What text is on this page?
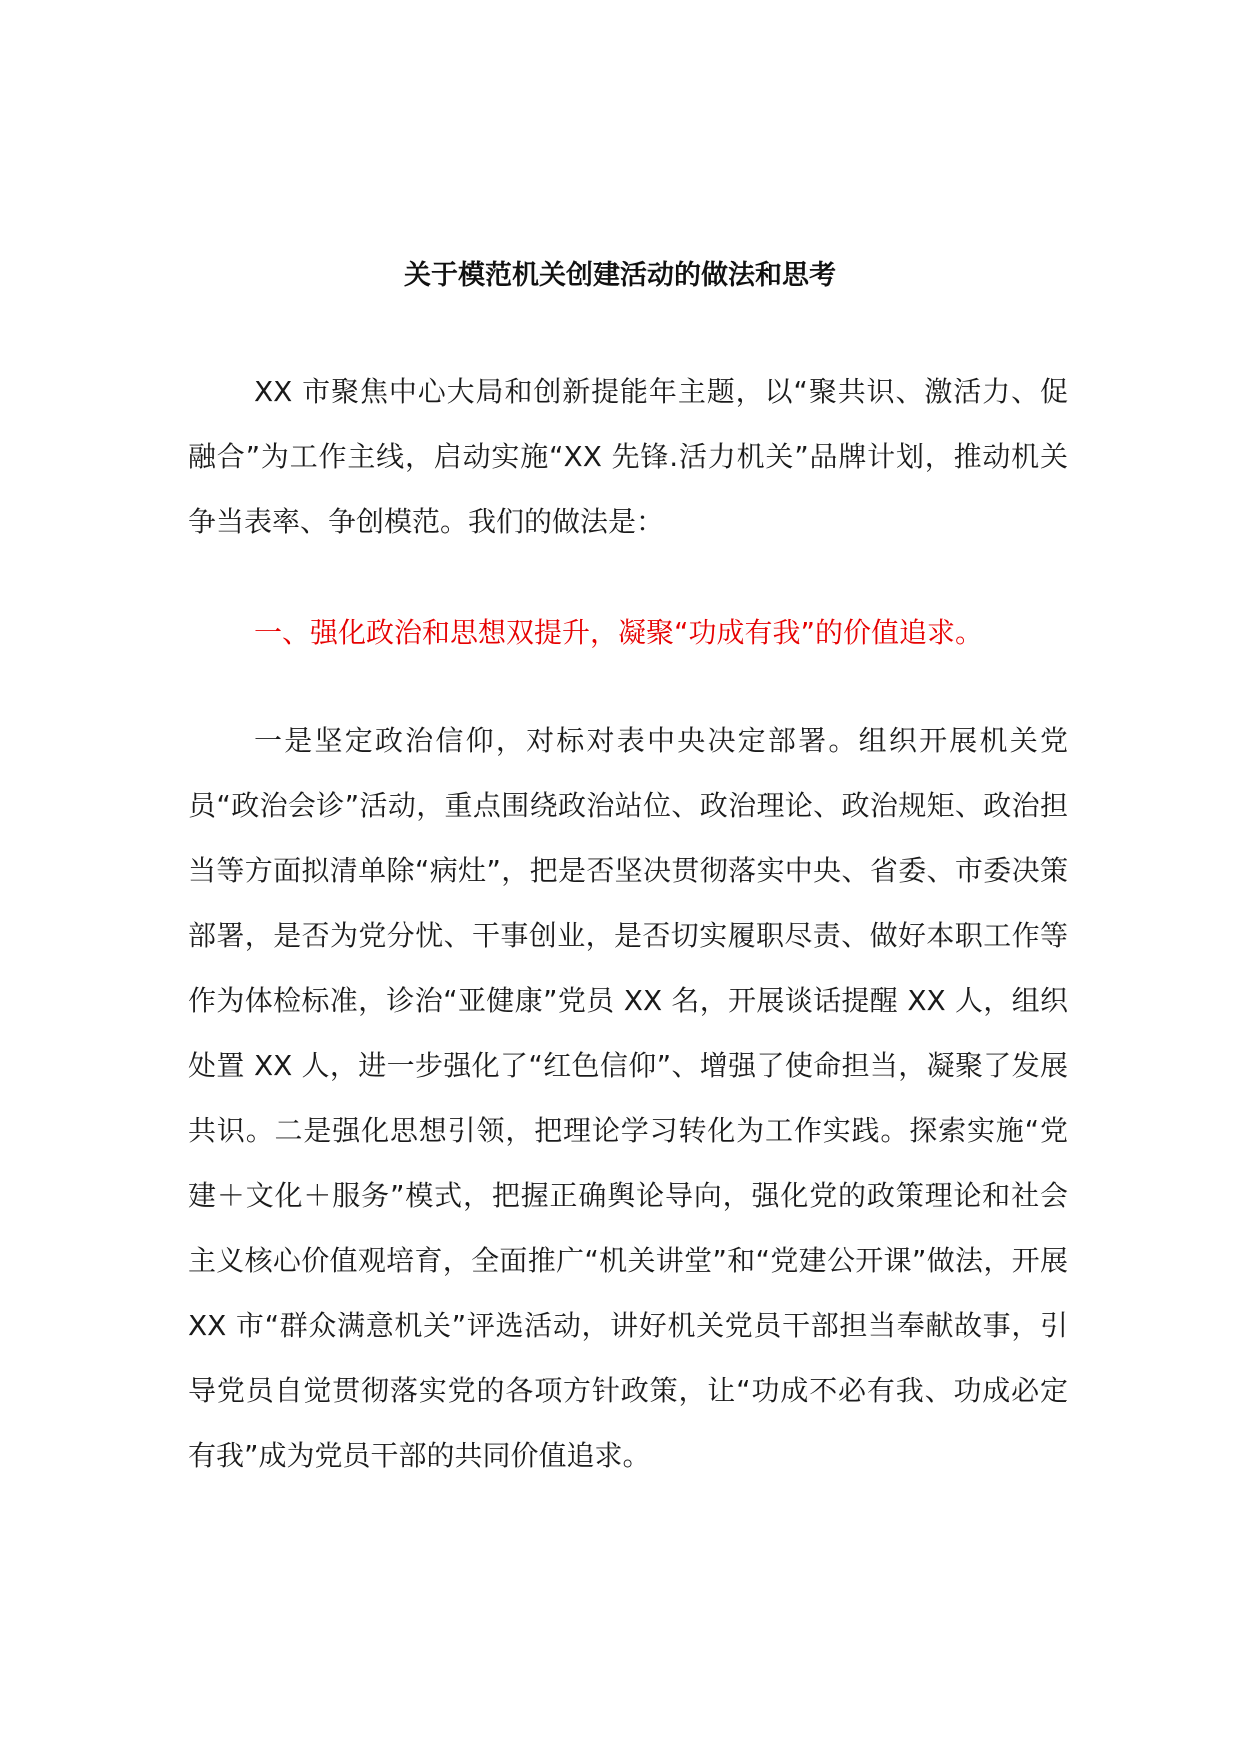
关于模范机关创建活动的做法和思考

XX 市聚焦中心大局和创新提能年主题，以“聚共识、激活力、促融合”为工作主线，启动实施“XX 先锋.活力机关”品牌计划，推动机关争当表率、争创模范。我们的做法是：

一、强化政治和思想双提升，凝聚“功成有我”的价值追求。

一是坚定政治信仰，对标对表中央决定部署。组织开展机关党员“政治会诊”活动，重点围绕政治站位、政治理论、政治规矩、政治担当等方面拟清单除“病灶”，把是否坚决贯彻落实中央、省委、市委决策部署，是否为党分忧、干事创业，是否切实履职尽责、做好本职工作等作为体检标准，诊治“亚健康”党员 XX 名，开展谈话提醒 XX 人，组织处置 XX 人，进一步强化了“红色信仰”、增强了使命担当，凝聚了发展共识。二是强化思想引领，把理论学习转化为工作实践。探索实施“党建＋文化＋服务”模式，把握正确舆论导向，强化党的政策理论和社会主义核心价值观培育，全面推广“机关讲堂”和“党建公开课”做法，开展 XX 市“群众满意机关”评选活动，讲好机关党员干部担当奉献故事，引导党员自觉贯彻落实党的各项方针政策，让“功成不必有我、功成必定有我”成为党员干部的共同价值追求。
